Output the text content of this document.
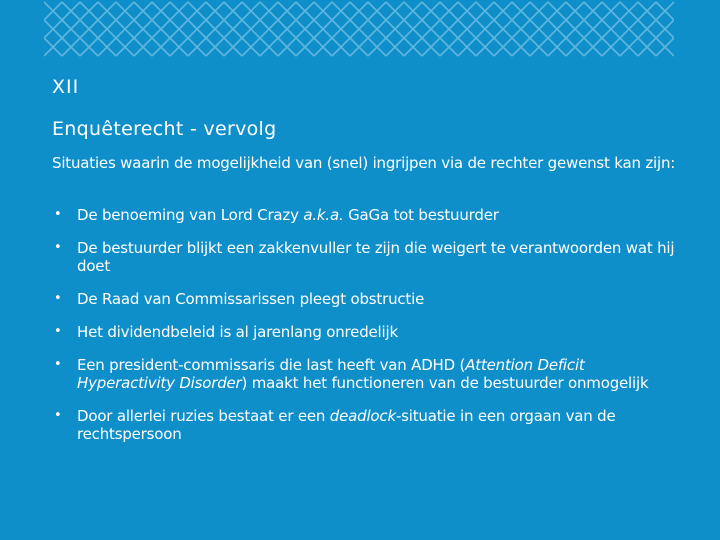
XII
Enquêterecht - vervolg
Situaties waarin de mogelijkheid van (snel) ingrijpen via de rechter gewenst kan zijn:
• De benoeming van Lord Crazy a.k.a. GaGa tot bestuurder
• De bestuurder blijkt een zakkenvuller te zijn die weigert te verantwoorden wat hij doet
• De Raad van Commissarissen pleegt obstructie
• Het dividendbeleid is al jarenlang onredelijk
• Een president-commissaris die last heeft van ADHD (Attention Deficit Hyperactivity Disorder) maakt het functioneren van de bestuurder onmogelijk
• Door allerlei ruzies bestaat er een deadlock-situatie in een orgaan van de rechtspersoon
